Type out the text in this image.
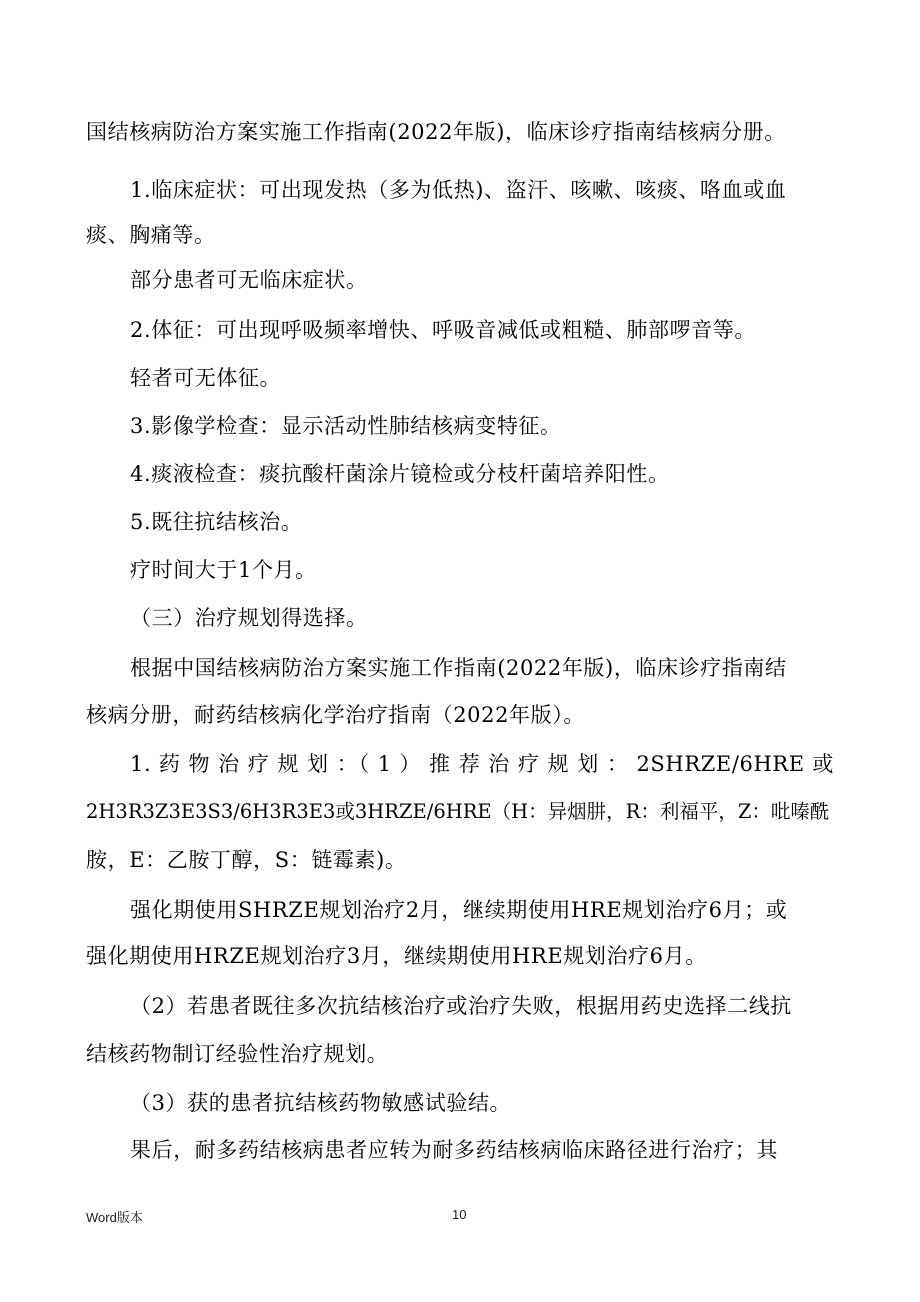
国结核病防治方案实施工作指南(2022年版)，临床诊疗指南结核病分册。
1.临床症状：可出现发热（多为低热)、盗汗、咳嗽、咳痰、咯血或血
痰、胸痛等。
部分患者可无临床症状。
2.体征：可出现呼吸频率增快、呼吸音减低或粗糙、肺部啰音等。
轻者可无体征。
3.影像学检查：显示活动性肺结核病变特征。
4.痰液检查：痰抗酸杆菌涂片镜检或分枝杆菌培养阳性。
5.既往抗结核治。
疗时间大于1个月。
（三）治疗规划得选择。
根据中国结核病防治方案实施工作指南(2022年版)，临床诊疗指南结
核病分册，耐药结核病化学治疗指南（2022年版）。
1. 药 物 治 疗 规 划 ：（ 1 ） 推 荐 治 疗 规 划 ： 2SHRZE/6HRE 或
2H3R3Z3E3S3/6H3R3E3或3HRZE/6HRE（H：异烟肼，R：利福平，Z：吡嗪酰
胺，E：乙胺丁醇，S：链霉素)。
强化期使用SHRZE规划治疗2月，继续期使用HRE规划治疗6月；或
强化期使用HRZE规划治疗3月，继续期使用HRE规划治疗6月。
（2）若患者既往多次抗结核治疗或治疗失败，根据用药史选择二线抗
结核药物制订经验性治疗规划。
（3）获的患者抗结核药物敏感试验结。
果后，耐多药结核病患者应转为耐多药结核病临床路径进行治疗；其
Word版本	10
